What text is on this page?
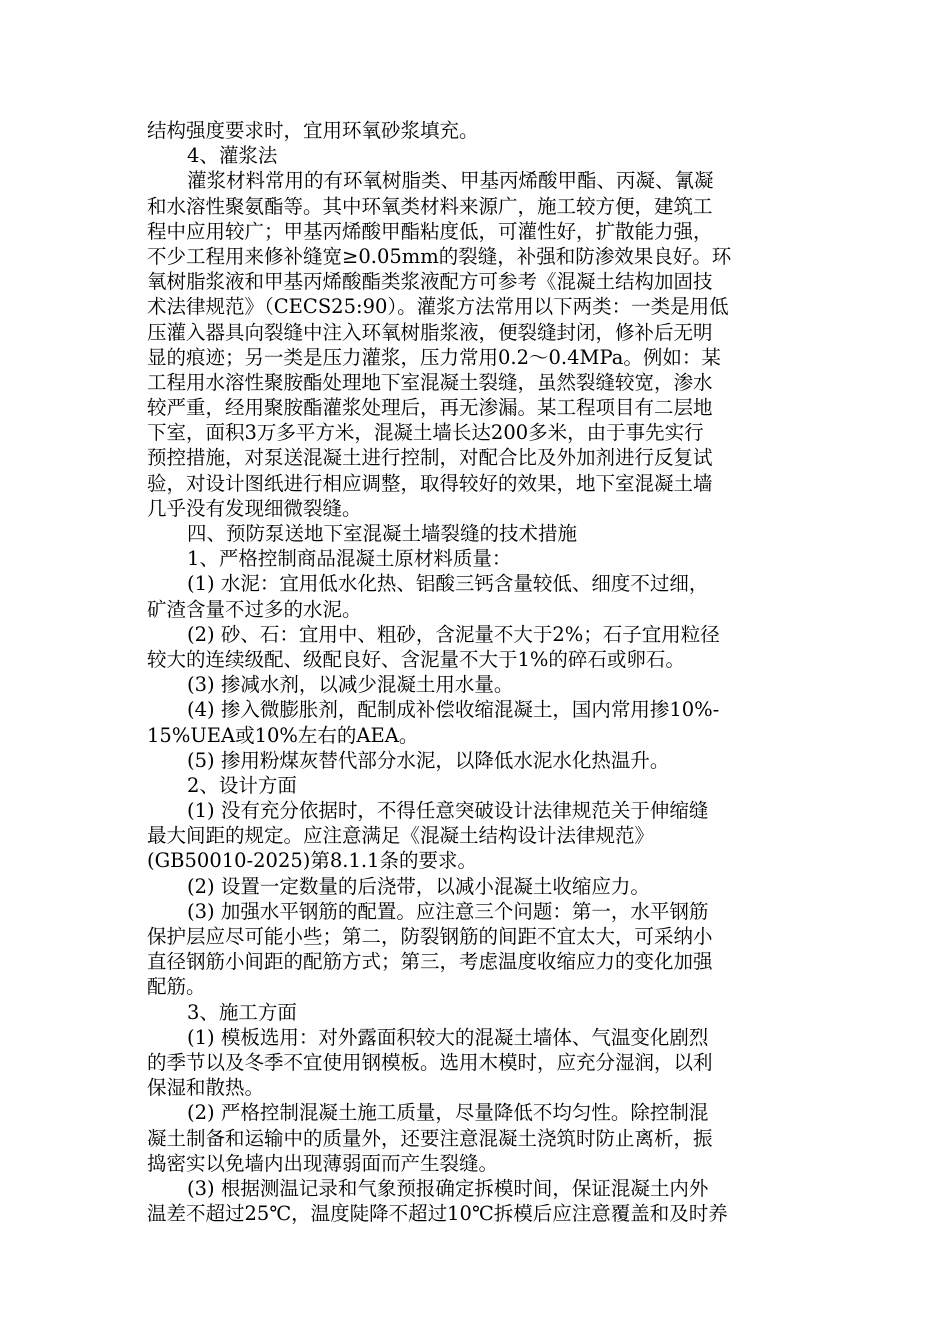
结构强度要求时，宜用环氧砂浆填充。
4、灌浆法
灌浆材料常用的有环氧树脂类、甲基丙烯酸甲酯、丙凝、氰凝
和水溶性聚氨酯等。其中环氧类材料来源广，施工较方便，建筑工
程中应用较广；甲基丙烯酸甲酯粘度低，可灌性好，扩散能力强，
不少工程用来修补缝宽≥0.05mm的裂缝，补强和防渗效果良好。环
氧树脂浆液和甲基丙烯酸酯类浆液配方可参考《混凝土结构加固技
术法律规范》（CECS25:90）。灌浆方法常用以下两类：一类是用低
压灌入器具向裂缝中注入环氧树脂浆液，便裂缝封闭，修补后无明
显的痕迹；另一类是压力灌浆，压力常用0.2～0.4MPa。例如：某
工程用水溶性聚胺酯处理地下室混凝土裂缝，虽然裂缝较宽，渗水
较严重，经用聚胺酯灌浆处理后，再无渗漏。某工程项目有二层地
下室，面积3万多平方米，混凝土墙长达200多米，由于事先实行
预控措施，对泵送混凝土进行控制，对配合比及外加剂进行反复试
验，对设计图纸进行相应调整，取得较好的效果，地下室混凝土墙
几乎没有发现细微裂缝。
四、预防泵送地下室混凝土墙裂缝的技术措施
1、严格控制商品混凝土原材料质量：
(1) 水泥：宜用低水化热、铝酸三钙含量较低、细度不过细，
矿渣含量不过多的水泥。
(2) 砂、石：宜用中、粗砂，含泥量不大于2%；石子宜用粒径
较大的连续级配、级配良好、含泥量不大于1%的碎石或卵石。
(3) 掺减水剂，以减少混凝土用水量。
(4) 掺入微膨胀剂，配制成补偿收缩混凝土，国内常用掺10%-
15%UEA或10%左右的AEA。
(5) 掺用粉煤灰替代部分水泥，以降低水泥水化热温升。
2、设计方面
(1) 没有充分依据时，不得任意突破设计法律规范关于伸缩缝
最大间距的规定。应注意满足《混凝土结构设计法律规范》
(GB50010-2025)第8.1.1条的要求。
(2) 设置一定数量的后浇带，以减小混凝土收缩应力。
(3) 加强水平钢筋的配置。应注意三个问题：第一，水平钢筋
保护层应尽可能小些；第二，防裂钢筋的间距不宜太大，可采纳小
直径钢筋小间距的配筋方式；第三，考虑温度收缩应力的变化加强
配筋。
3、施工方面
(1) 模板选用：对外露面积较大的混凝土墙体、气温变化剧烈
的季节以及冬季不宜使用钢模板。选用木模时，应充分湿润，以利
保湿和散热。
(2) 严格控制混凝土施工质量，尽量降低不均匀性。除控制混
凝土制备和运输中的质量外，还要注意混凝土浇筑时防止离析，振
捣密实以免墙内出现薄弱面而产生裂缝。
(3) 根据测温记录和气象预报确定拆模时间，保证混凝土内外
温差不超过25℃，温度陡降不超过10℃拆模后应注意覆盖和及时养
